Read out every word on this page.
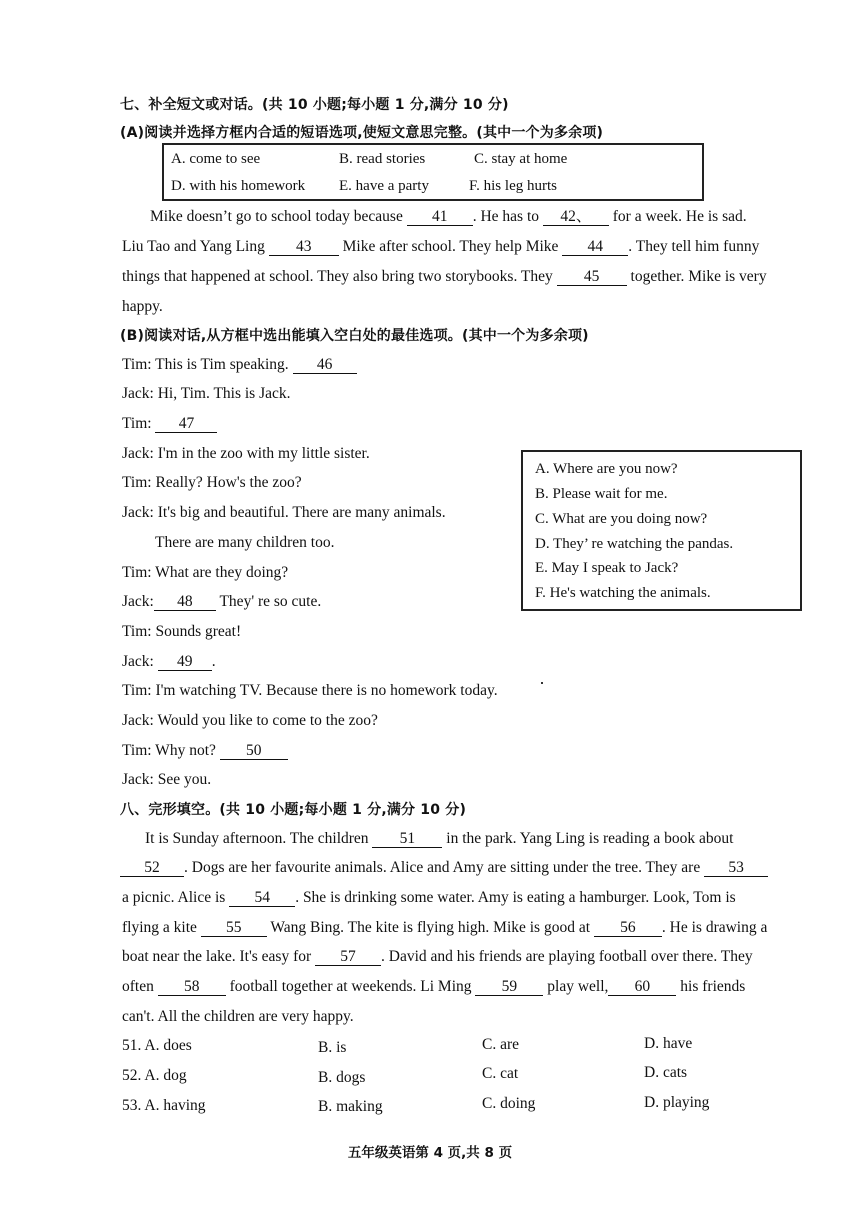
七、补全短文或对话。(共 10 小题;每小题 1 分,满分 10 分)
(A)阅读并选择方框内合适的短语选项,使短文意思完整。(其中一个为多余项)
A. come to see	B. read stories	C. stay at home
D. with his homework E. have a party	F. his leg hurts
Mike doesn’t go to school today because 41 . He has to 42、 for a week. He is sad.
Liu Tao and Yang Ling 43 Mike after school. They help Mike 44 . They tell him funny
things that happened at school. They also bring two storybooks. They 45 together. Mike is very
happy.
(B)阅读对话,从方框中选出能填入空白处的最佳选项。(其中一个为多余项)
Tim: This is Tim speaking. 46
Jack: Hi, Tim. This is Jack.
Tim: 47
Jack: I'm in the zoo with my little sister.
Tim: Really? How's the zoo?
Jack: It's big and beautiful. There are many animals.
There are many children too.
Tim: What are they doing?
Jack: 48 They' re so cute.
Tim: Sounds great!
Jack: 49 .
Tim: I'm watching TV. Because there is no homework today.
Jack: Would you like to come to the zoo?
Tim: Why not? 50
Jack: See you.
A. Where are you now?
B. Please wait for me.
C. What are you doing now?
D. They’ re watching the pandas.
E. May I speak to Jack?
F. He's watching the animals.
八、完形填空。(共 10 小题;每小题 1 分,满分 10 分)
It is Sunday afternoon. The children 51 in the park. Yang Ling is reading a book about
52 . Dogs are her favourite animals. Alice and Amy are sitting under the tree. They are 53
a picnic. Alice is 54 . She is drinking some water. Amy is eating a hamburger. Look, Tom is
flying a kite 55 Wang Bing. The kite is flying high. Mike is good at 56 . He is drawing a
boat near the lake. It's easy for 57 . David and his friends are playing football over there. They
often 58 football together at weekends. Li Ming 59 play well, 60 his friends
can't. All the children are very happy.
51. A. does	B. is	C. are	D. have
52. A. dog	B. dogs	C. cat	D. cats
53. A. having	B. making	C. doing	D. playing
五年级英语第 4 页,共 8 页
